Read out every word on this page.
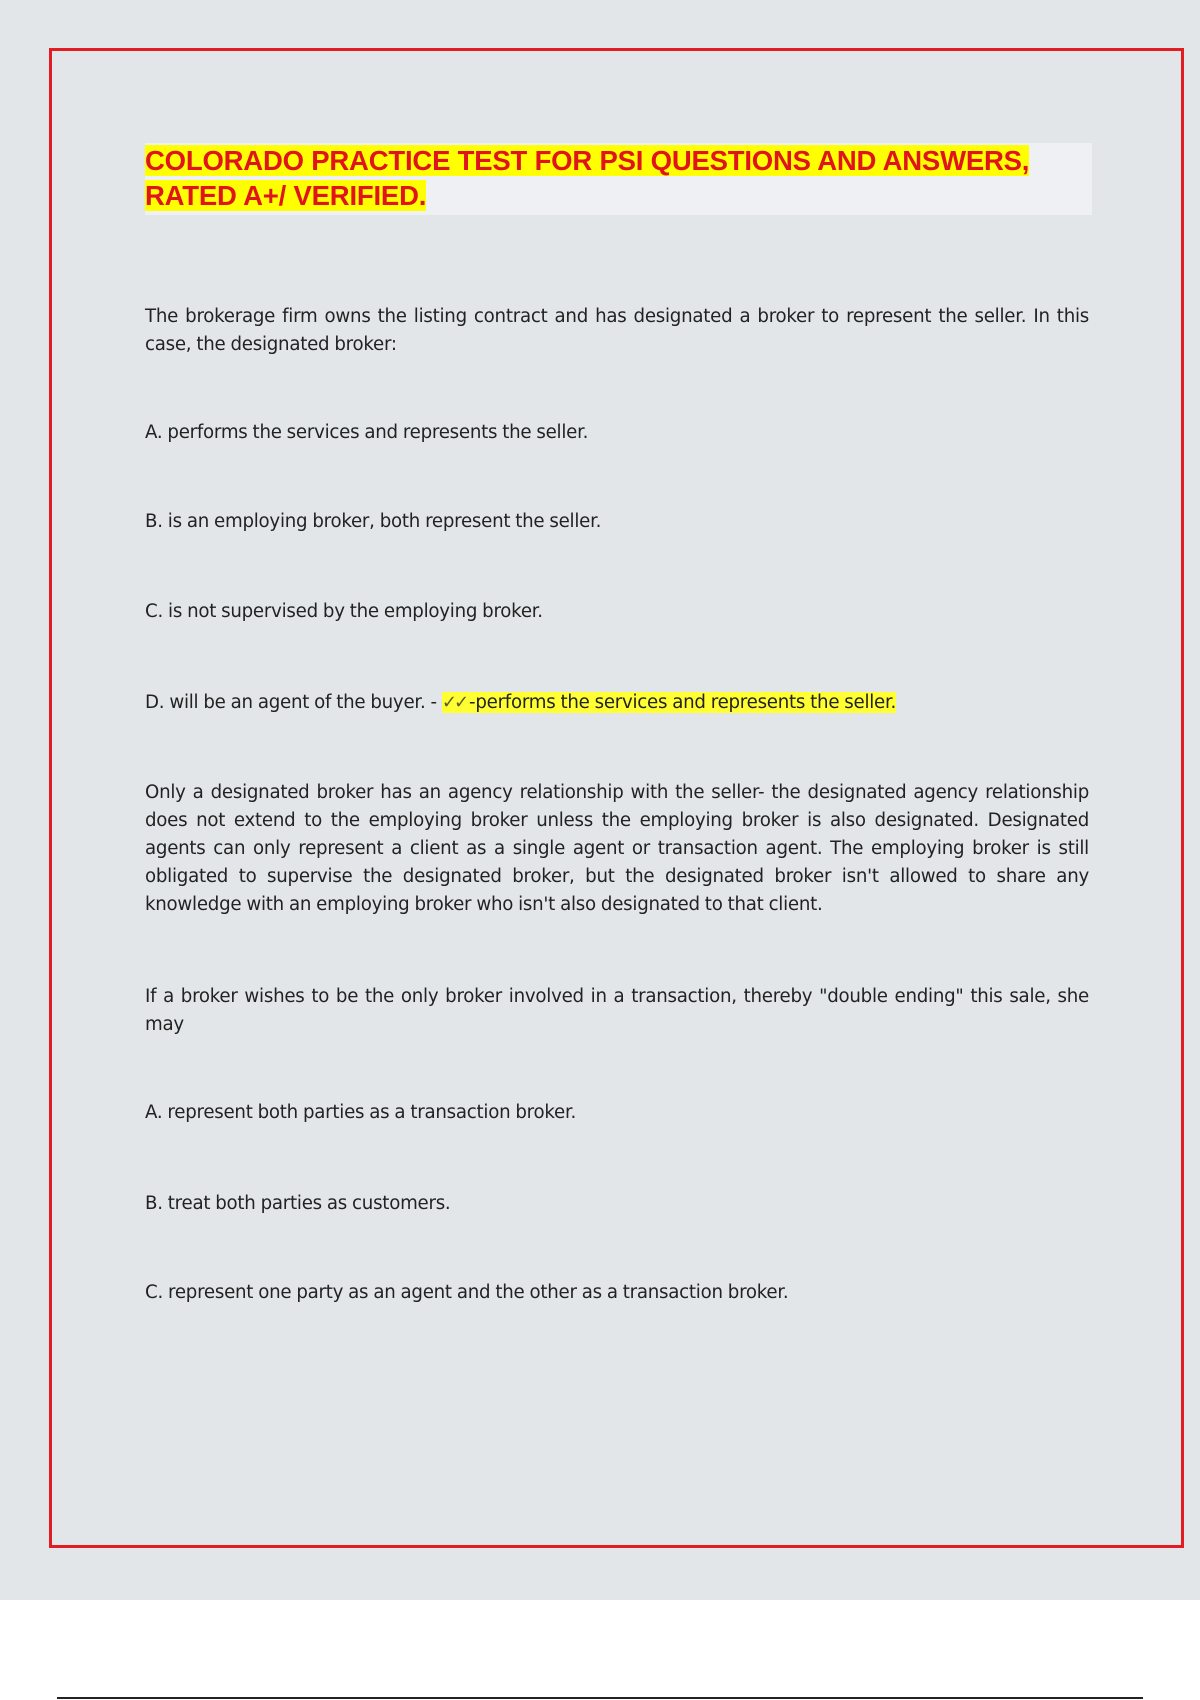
COLORADO PRACTICE TEST FOR PSI QUESTIONS AND ANSWERS,
RATED A+/ VERIFIED.

The brokerage firm owns the listing contract and has designated a broker to represent the seller. In this case, the designated broker:

A. performs the services and represents the seller.

B. is an employing broker, both represent the seller.

C. is not supervised by the employing broker.

D. will be an agent of the buyer. - ✓✓ -performs the services and represents the seller.

Only a designated broker has an agency relationship with the seller- the designated agency relationship does not extend to the employing broker unless the employing broker is also designated. Designated agents can only represent a client as a single agent or transaction agent. The employing broker is still obligated to supervise the designated broker, but the designated broker isn't allowed to share any knowledge with an employing broker who isn't also designated to that client.

If a broker wishes to be the only broker involved in a transaction, thereby "double ending" this sale, she may

A. represent both parties as a transaction broker.

B. treat both parties as customers.

C. represent one party as an agent and the other as a transaction broker.
